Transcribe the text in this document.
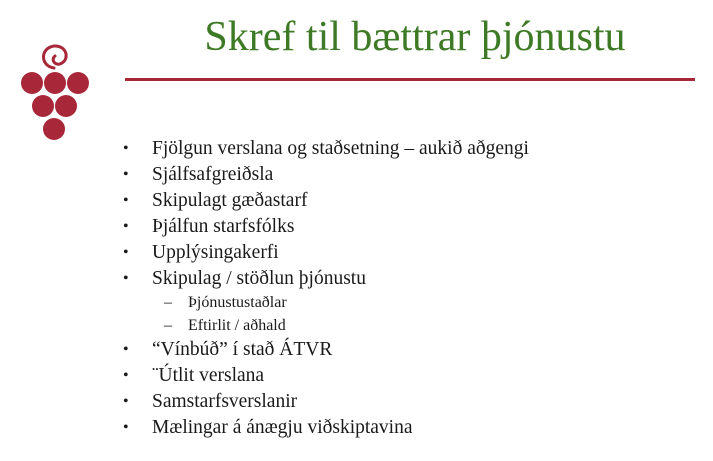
Skref til bættrar þjónustu
• Fjölgun verslana og staðsetning – aukið aðgengi
• Sjálfsafgreiðsla
• Skipulagt gæðastarf
• Þjálfun starfsfólks
• Upplýsingakerfi
• Skipulag / stöðlun þjónustu
– Þjónustustaðlar
– Eftirlit / aðhald
• “Vínbúð” í stað ÁTVR
• ¨Útlit verslana
• Samstarfsverslanir
• Mælingar á ánægju viðskiptavina
